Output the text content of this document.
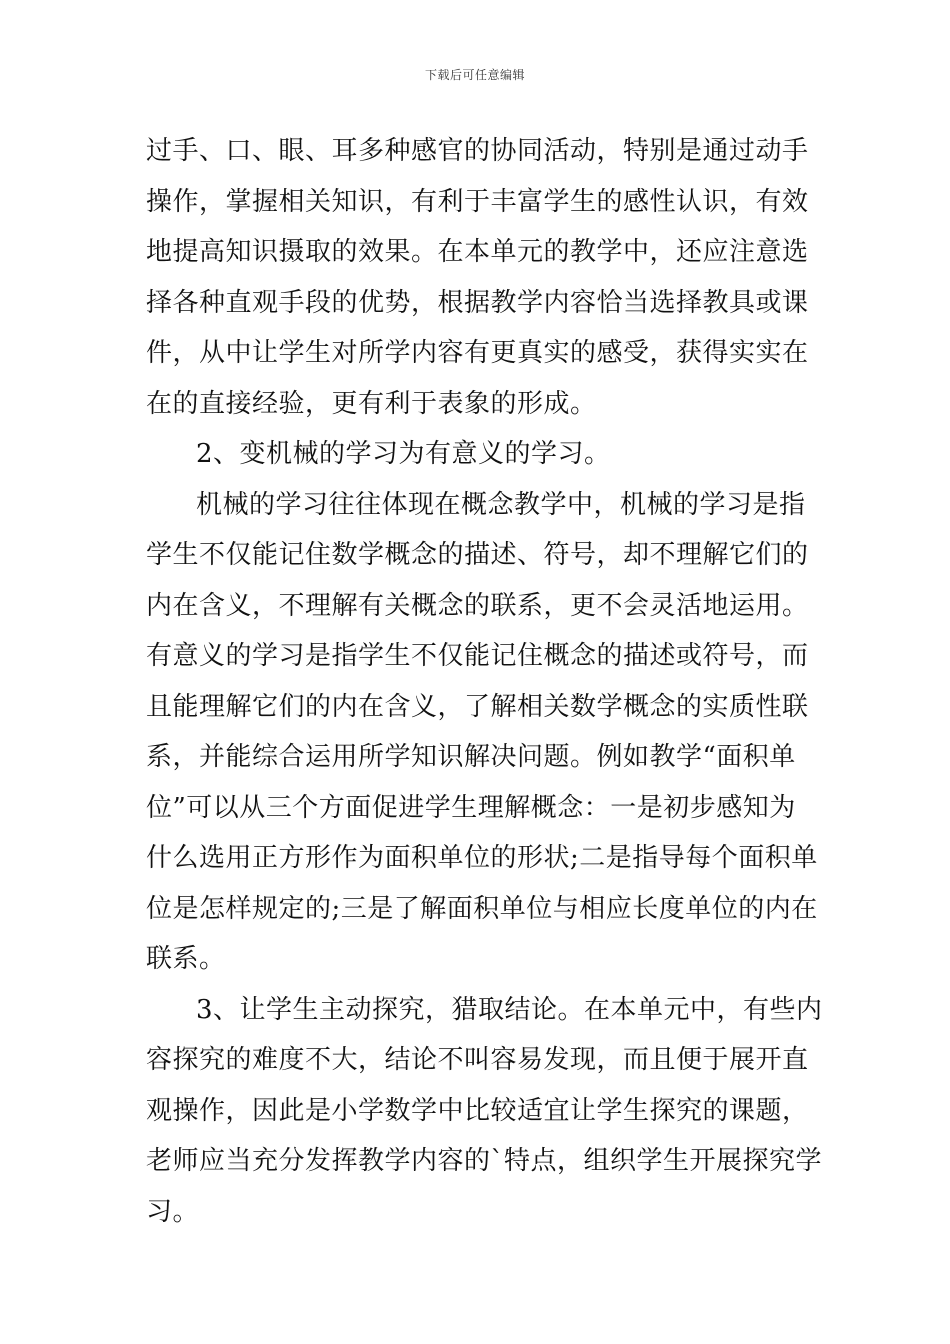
下载后可任意编辑
过手、口、眼、耳多种感官的协同活动，特别是通过动手
操作，掌握相关知识，有利于丰富学生的感性认识，有效
地提高知识摄取的效果。在本单元的教学中，还应注意选
择各种直观手段的优势，根据教学内容恰当选择教具或课
件，从中让学生对所学内容有更真实的感受，获得实实在
在的直接经验，更有利于表象的形成。
2、变机械的学习为有意义的学习。
机械的学习往往体现在概念教学中，机械的学习是指
学生不仅能记住数学概念的描述、符号，却不理解它们的
内在含义，不理解有关概念的联系，更不会灵活地运用。
有意义的学习是指学生不仅能记住概念的描述或符号，而
且能理解它们的内在含义，了解相关数学概念的实质性联
系，并能综合运用所学知识解决问题。例如教学“面积单
位”可以从三个方面促进学生理解概念：一是初步感知为
什么选用正方形作为面积单位的形状;二是指导每个面积单
位是怎样规定的;三是了解面积单位与相应长度单位的内在
联系。
3、让学生主动探究，猎取结论。在本单元中，有些内
容探究的难度不大，结论不叫容易发现，而且便于展开直
观操作，因此是小学数学中比较适宜让学生探究的课题，
老师应当充分发挥教学内容的`特点，组织学生开展探究学
习。
